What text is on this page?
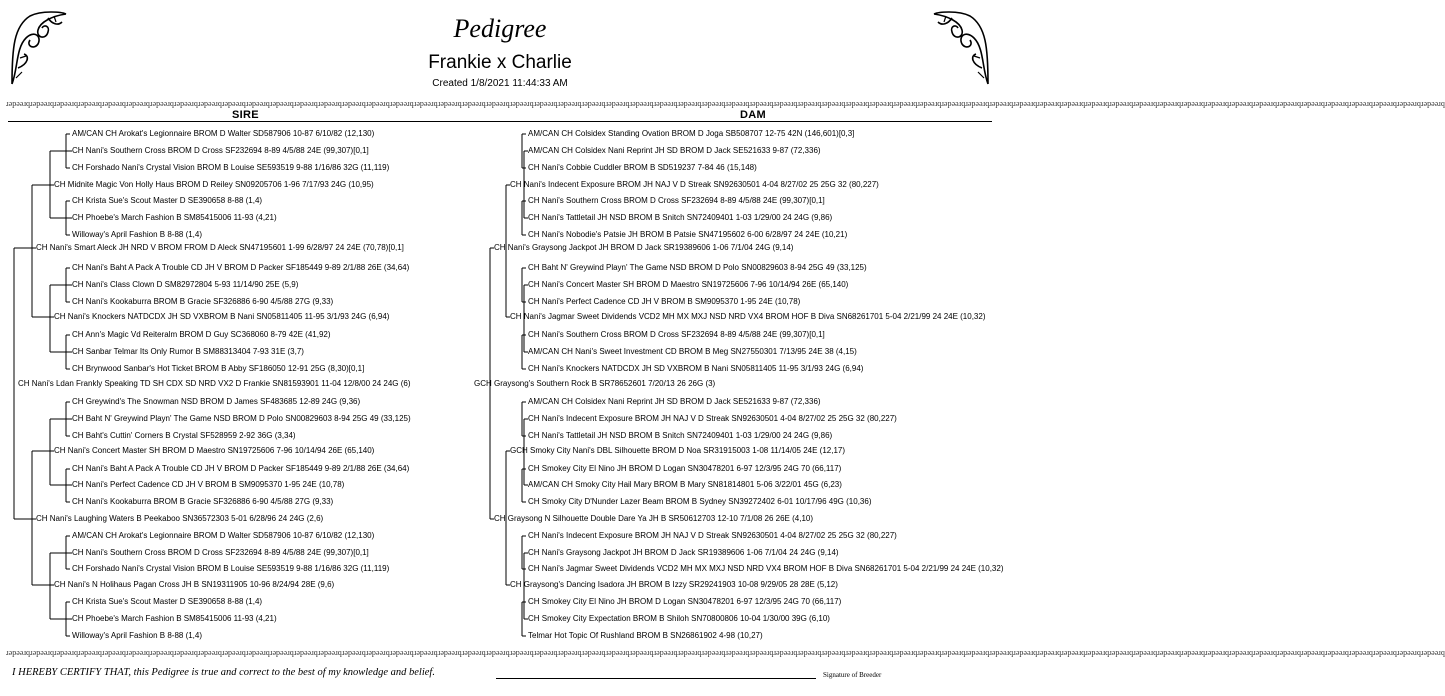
Pedigree
Frankie x Charlie
Created 1/8/2021 11:44:33 AM
ɹǝpǝǝɹqɹǝpǝǝɹqɹǝpǝǝɹqɹǝpǝǝɹqɹǝpǝǝɹqɹǝpǝǝɹqɹǝpǝǝɹqɹǝpǝǝɹqɹǝpǝǝɹqɹǝpǝǝɹqɹǝpǝǝɹqɹǝpǝǝɹqɹǝpǝǝɹqɹǝpǝǝɹqɹǝpǝǝɹqɹǝpǝǝɹqɹǝpǝǝɹqɹǝpǝǝɹqɹǝpǝǝɹqɹǝpǝǝɹqɹǝpǝǝɹqɹǝpǝǝɹqɹǝpǝǝɹqɹǝpǝǝɹqɹǝpǝǝɹqɹǝpǝǝɹqɹǝpǝǝɹqɹǝpǝǝɹqɹǝpǝǝɹqɹǝpǝǝɹqɹǝpǝǝɹqɹǝpǝǝɹqɹǝpǝǝɹqɹǝpǝǝɹqɹǝpǝǝɹqɹǝpǝǝɹqɹǝpǝǝɹqɹǝpǝǝɹqɹǝpǝǝɹqɹǝpǝǝɹqɹǝpǝǝɹqɹǝpǝǝɹqɹǝpǝǝɹqɹǝpǝǝɹqɹǝpǝǝɹqɹǝpǝǝɹqɹǝpǝǝɹqɹǝpǝǝɹqɹǝpǝǝɹqɹǝpǝǝɹqɹǝpǝǝɹqɹǝpǝǝɹqɹǝpǝǝɹqɹǝpǝǝɹqɹǝpǝǝɹqɹǝpǝǝɹqɹǝpǝǝɹqɹǝpǝǝɹqɹǝpǝǝɹqɹǝpǝǝɹq
SIRE	DAM
CH Nani's Ldan Frankly Speaking TD SH CDX SD NRD VX2 D Frankie SN81593901 11-04 12/8/00 24 24G (6)
CH Nani's Smart Aleck JH NRD V BROM FROM D Aleck SN47195601 1-99 6/28/97 24 24E (70,78)[0,1]
CH Nani's Laughing Waters B Peekaboo SN36572303 5-01 6/28/96 24 24G (2,6)
CH Midnite Magic Von Holly Haus BROM D Reiley SN09205706 1-96 7/17/93 24G (10,95)
CH Nani's Knockers NATDCDX JH SD VXBROM B Nani SN05811405 11-95 3/1/93 24G (6,94)
CH Nani's Concert Master SH BROM D Maestro SN19725606 7-96 10/14/94 26E (65,140)
CH Nani's N Holihaus Pagan Cross JH B SN19311905 10-96 8/24/94 28E (9,6)
CH Nani's Southern Cross BROM D Cross SF232694 8-89 4/5/88 24E (99,307)[0,1]
CH Phoebe's March Fashion B SM85415006 11-93 (4,21)
CH Nani's Class Clown D SM82972804 5-93 11/14/90 25E (5,9)
CH Sanbar Telmar Its Only Rumor B SM88313404 7-93 31E (3,7)
CH Baht N' Greywind Playn' The Game NSD BROM D Polo SN00829603 8-94 25G 49 (33,125)
CH Nani's Perfect Cadence CD JH V BROM B SM9095370 1-95 24E (10,78)
CH Nani's Southern Cross BROM D Cross SF232694 8-89 4/5/88 24E (99,307)[0,1]
CH Phoebe's March Fashion B SM85415006 11-93 (4,21)
AM/CAN CH Arokat's Legionnaire BROM D Walter SD587906 10-87 6/10/82 (12,130)
CH Forshado Nani's Crystal Vision BROM B Louise SE593519 9-88 1/16/86 32G (11,119)
CH Krista Sue's Scout Master D SE390658 8-88 (1,4)
Willoway's April Fashion B 8-88 (1,4)
CH Nani's Baht A Pack A Trouble CD JH V BROM D Packer SF185449 9-89 2/1/88 26E (34,64)
CH Nani's Kookaburra BROM B Gracie SF326886 6-90 4/5/88 27G (9,33)
CH Ann's Magic Vd Reiteralm BROM D Guy SC368060 8-79 42E (41,92)
CH Brynwood Sanbar's Hot Ticket BROM B Abby SF186050 12-91 25G (8,30)[0,1]
CH Greywind's The Snowman NSD BROM D James SF483685 12-89 24G (9,36)
CH Baht's Cuttin' Corners B Crystal SF528959 2-92 36G (3,34)
CH Nani's Baht A Pack A Trouble CD JH V BROM D Packer SF185449 9-89 2/1/88 26E (34,64)
CH Nani's Kookaburra BROM B Gracie SF326886 6-90 4/5/88 27G (9,33)
AM/CAN CH Arokat's Legionnaire BROM D Walter SD587906 10-87 6/10/82 (12,130)
CH Forshado Nani's Crystal Vision BROM B Louise SE593519 9-88 1/16/86 32G (11,119)
CH Krista Sue's Scout Master D SE390658 8-88 (1,4)
Willoway's April Fashion B 8-88 (1,4)
GCH Graysong's Southern Rock B SR78652601 7/20/13 26 26G (3)
CH Nani's Graysong Jackpot JH BROM D Jack SR19389606 1-06 7/1/04 24G (9,14)
CH Graysong N Silhouette Double Dare Ya JH B SR50612703 12-10 7/1/08 26 26E (4,10)
CH Nani's Indecent Exposure BROM JH NAJ V D Streak SN92630501 4-04 8/27/02 25 25G 32 (80,227)
CH Nani's Jagmar Sweet Dividends VCD2 MH MX MXJ NSD NRD VX4 BROM HOF B Diva SN68261701 5-04 2/21/99 24 24E (10,32)
GCH Smoky City Nani's DBL Silhouette BROM D Noa SR31915003 1-08 11/14/05 24E (12,17)
CH Graysong's Dancing Isadora JH BROM B Izzy SR29241903 10-08 9/29/05 28 28E (5,12)
AM/CAN CH Colsidex Nani Reprint JH SD BROM D Jack SE521633 9-87 (72,336)
CH Nani's Tattletail JH NSD BROM B Snitch SN72409401 1-03 1/29/00 24 24G (9,86)
CH Nani's Concert Master SH BROM D Maestro SN19725606 7-96 10/14/94 26E (65,140)
AM/CAN CH Nani's Sweet Investment CD BROM B Meg SN27550301 7/13/95 24E 38 (4,15)
CH Nani's Indecent Exposure BROM JH NAJ V D Streak SN92630501 4-04 8/27/02 25 25G 32 (80,227)
AM/CAN CH Smoky City Hail Mary BROM B Mary SN81814801 5-06 3/22/01 45G (6,23)
CH Nani's Graysong Jackpot JH BROM D Jack SR19389606 1-06 7/1/04 24 24G (9,14)
CH Smokey City Expectation BROM B Shiloh SN70800806 10-04 1/30/00 39G (6,10)
AM/CAN CH Colsidex Standing Ovation BROM D Joga SB508707 12-75 42N (146,601)[0,3]
CH Nani's Cobbie Cuddler BROM B SD519237 7-84 46 (15,148)
CH Nani's Southern Cross BROM D Cross SF232694 8-89 4/5/88 24E (99,307)[0,1]
CH Nani's Nobodie's Patsie JH BROM B Patsie SN47195602 6-00 6/28/97 24 24E (10,21)
CH Baht N' Greywind Playn' The Game NSD BROM D Polo SN00829603 8-94 25G 49 (33,125)
CH Nani's Perfect Cadence CD JH V BROM B SM9095370 1-95 24E (10,78)
CH Nani's Southern Cross BROM D Cross SF232694 8-89 4/5/88 24E (99,307)[0,1]
CH Nani's Knockers NATDCDX JH SD VXBROM B Nani SN05811405 11-95 3/1/93 24G (6,94)
AM/CAN CH Colsidex Nani Reprint JH SD BROM D Jack SE521633 9-87 (72,336)
CH Nani's Tattletail JH NSD BROM B Snitch SN72409401 1-03 1/29/00 24 24G (9,86)
CH Smokey City El Nino JH BROM D Logan SN30478201 6-97 12/3/95 24G 70 (66,117)
CH Smoky City D'Nunder Lazer Beam BROM B Sydney SN39272402 6-01 10/17/96 49G (10,36)
CH Nani's Indecent Exposure BROM JH NAJ V D Streak SN92630501 4-04 8/27/02 25 25G 32 (80,227)
CH Nani's Jagmar Sweet Dividends VCD2 MH MX MXJ NSD NRD VX4 BROM HOF B Diva SN68261701 5-04 2/21/99 24 24E (10,32)
CH Smokey City El Nino JH BROM D Logan SN30478201 6-97 12/3/95 24G 70 (66,117)
Telmar Hot Topic Of Rushland BROM B SN26861902 4-98 (10,27)
ɹǝpǝǝɹqɹǝpǝǝɹqɹǝpǝǝɹqɹǝpǝǝɹqɹǝpǝǝɹqɹǝpǝǝɹqɹǝpǝǝɹqɹǝpǝǝɹqɹǝpǝǝɹqɹǝpǝǝɹqɹǝpǝǝɹqɹǝpǝǝɹqɹǝpǝǝɹqɹǝpǝǝɹqɹǝpǝǝɹqɹǝpǝǝɹqɹǝpǝǝɹqɹǝpǝǝɹqɹǝpǝǝɹqɹǝpǝǝɹqɹǝpǝǝɹqɹǝpǝǝɹqɹǝpǝǝɹqɹǝpǝǝɹqɹǝpǝǝɹqɹǝpǝǝɹqɹǝpǝǝɹqɹǝpǝǝɹqɹǝpǝǝɹqɹǝpǝǝɹqɹǝpǝǝɹqɹǝpǝǝɹqɹǝpǝǝɹqɹǝpǝǝɹqɹǝpǝǝɹqɹǝpǝǝɹqɹǝpǝǝɹqɹǝpǝǝɹqɹǝpǝǝɹqɹǝpǝǝɹqɹǝpǝǝɹqɹǝpǝǝɹqɹǝpǝǝɹqɹǝpǝǝɹqɹǝpǝǝɹqɹǝpǝǝɹqɹǝpǝǝɹqɹǝpǝǝɹqɹǝpǝǝɹqɹǝpǝǝɹqɹǝpǝǝɹqɹǝpǝǝɹqɹǝpǝǝɹqɹǝpǝǝɹqɹǝpǝǝɹqɹǝpǝǝɹqɹǝpǝǝɹqɹǝpǝǝɹqɹǝpǝǝɹqɹǝpǝǝɹq
I HEREBY CERTIFY THAT, this Pedigree is true and correct to the best of my knowledge and belief.	Signature of Breeder
